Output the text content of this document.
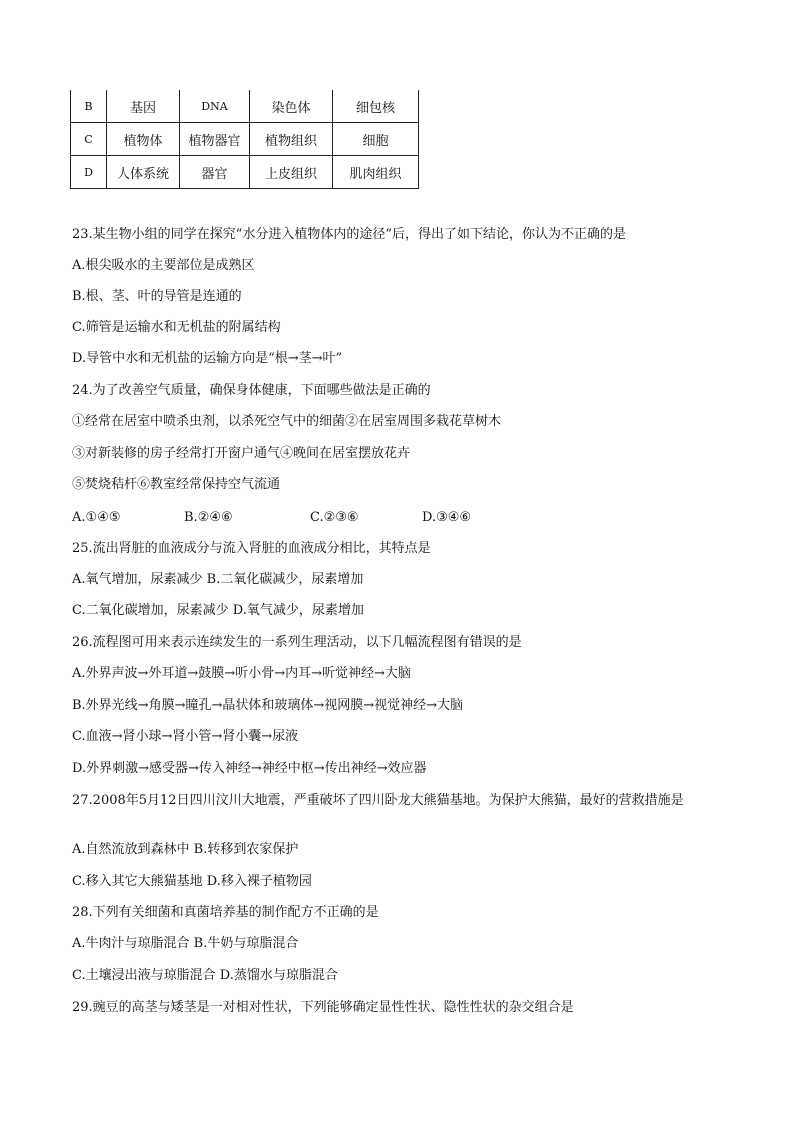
B	基因	DNA	染色体	细包核
C	植物体	植物器官	植物组织	细胞
D	人体系统	器官	上皮组织	肌肉组织
23.某生物小组的同学在探究“水分进入植物体内的途径”后，得出了如下结论，你认为不正确的是
A.根尖吸水的主要部位是成熟区
B.根、茎、叶的导管是连通的
C.筛管是运输水和无机盐的附属结构
D.导管中水和无机盐的运输方向是“根→茎→叶”
24.为了改善空气质量，确保身体健康，下面哪些做法是正确的
①经常在居室中喷杀虫剂，以杀死空气中的细菌②在居室周围多栽花草树木
③对新装修的房子经常打开窗户通气④晚间在居室摆放花卉
⑤焚烧秸杆⑥教室经常保持空气流通
A.①④⑤	B.②④⑥	C.②③⑥	D.③④⑥
25.流出肾脏的血液成分与流入肾脏的血液成分相比，其特点是
A.氧气增加，尿素减少 B.二氧化碳减少，尿素增加
C.二氧化碳增加，尿素减少 D.氧气减少，尿素增加
26.流程图可用来表示连续发生的一系列生理活动，以下几幅流程图有错误的是
A.外界声波→外耳道→鼓膜→听小骨→内耳→听觉神经→大脑
B.外界光线→角膜→瞳孔→晶状体和玻璃体→视网膜→视觉神经→大脑
C.血液→肾小球→肾小管→肾小囊→尿液
D.外界刺激→感受器→传入神经→神经中枢→传出神经→效应器
27.2008年5月12日四川汶川大地震，严重破坏了四川卧龙大熊猫基地。为保护大熊猫，最好的营救措施是
A.自然流放到森林中 B.转移到农家保护
C.移入其它大熊猫基地 D.移入裸子植物园
28.下列有关细菌和真菌培养基的制作配方不正确的是
A.牛肉汁与琼脂混合 B.牛奶与琼脂混合
C.土壤浸出液与琼脂混合 D.蒸馏水与琼脂混合
29.豌豆的高茎与矮茎是一对相对性状，下列能够确定显性性状、隐性性状的杂交组合是
